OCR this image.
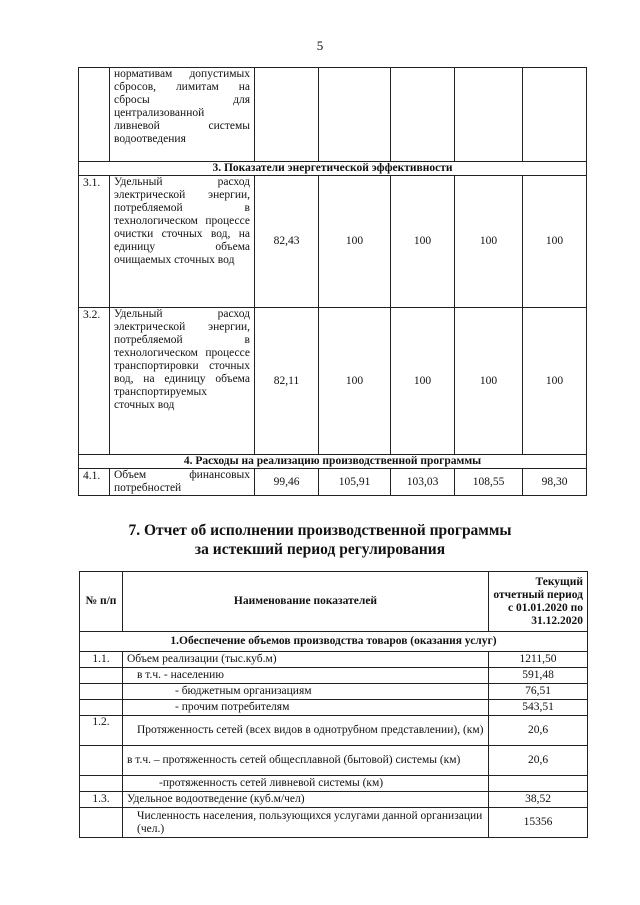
5
	нормативам допустимых сбросов, лимитам на сбросы для централизованной ливневой системы водоотведения					
3. Показатели энергетической эффективности						
3.1.	Удельный расход электрической энергии, потребляемой в технологическом процессе очистки сточных вод, на единицу объема очищаемых сточных вод	82,43	100	100	100	100
3.2.	Удельный расход электрической энергии, потребляемой в технологическом процессе транспортировки сточных вод, на единицу объема транспортируемых сточных вод	82,11	100	100	100	100
4. Расходы на реализацию производственной программы						
4.1.	Объем финансовых потребностей	99,46	105,91	103,03	108,55	98,30
7. Отчет об исполнении производственной программы
за истекший период регулирования
№ п/п	Наименование показателей	Текущий отчетный период с 01.01.2020 по 31.12.2020
1.Обеспечение объемов производства товаров (оказания услуг)		
1.1.	Объем реализации (тыс.куб.м)	1211,50
	в т.ч. - населению	591,48
	- бюджетным организациям	76,51
	- прочим потребителям	543,51
1.2.	Протяженность сетей (всех видов в однотрубном представлении), (км)	20,6
	в т.ч. – протяженность сетей общесплавной (бытовой) системы (км)	20,6
	-протяженность сетей ливневой системы (км)	
1.3.	Удельное водоотведение (куб.м/чел)	38,52
	Численность населения, пользующихся услугами данной организации (чел.)	15356
